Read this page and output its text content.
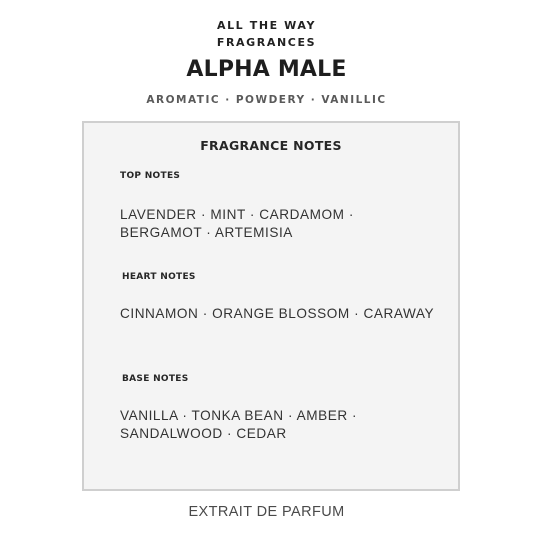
ALL THE WAY
FRAGRANCES
ALPHA MALE
AROMATIC · POWDERY · VANILLIC
FRAGRANCE NOTES
TOP NOTES
LAVENDER · MINT · CARDAMOM · BERGAMOT · ARTEMISIA
HEART NOTES
CINNAMON · ORANGE BLOSSOM · CARAWAY
BASE NOTES
VANILLA · TONKA BEAN · AMBER · SANDALWOOD · CEDAR
EXTRAIT DE PARFUM
